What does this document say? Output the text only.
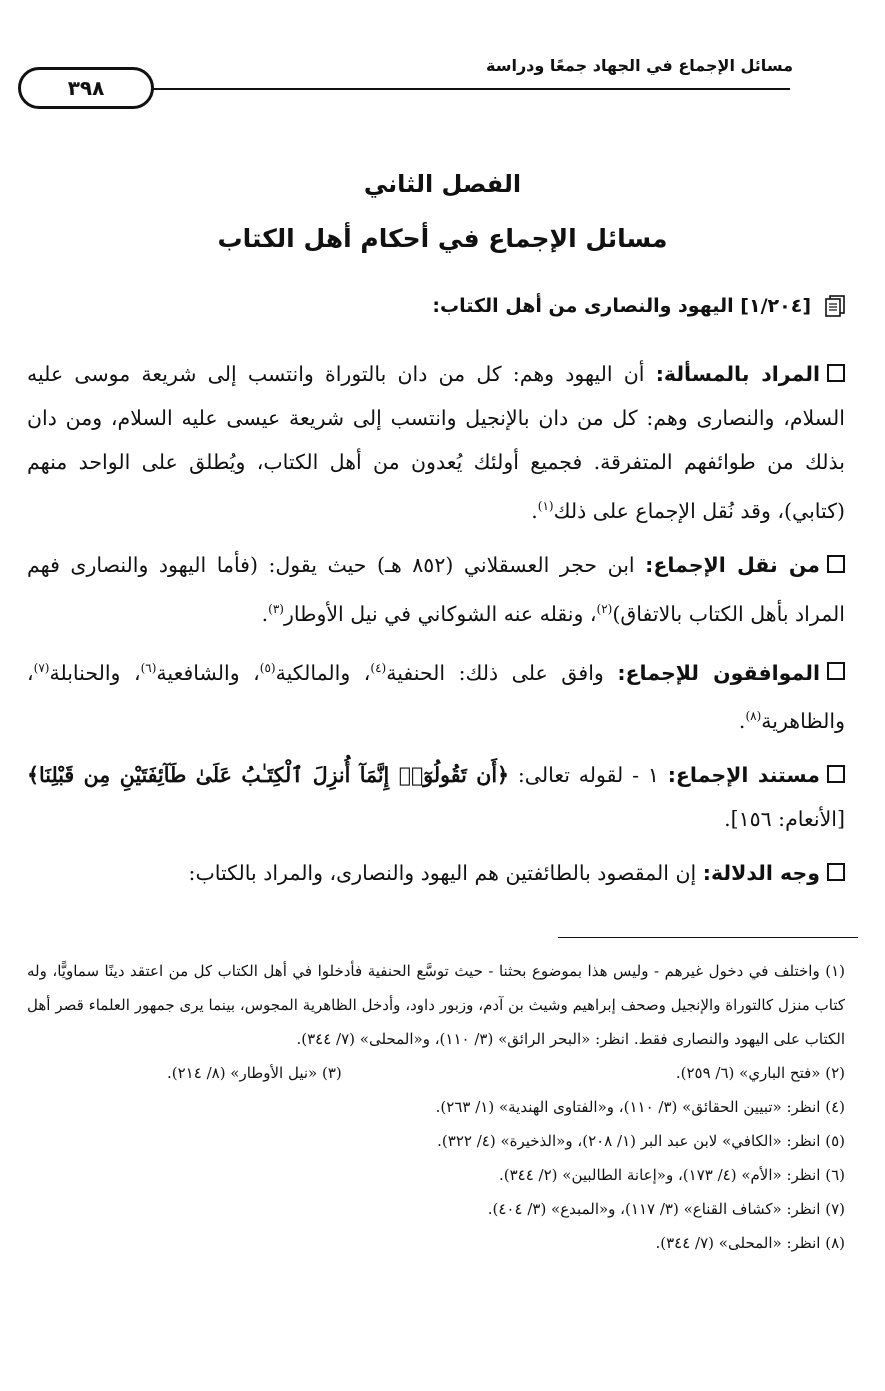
مسائل الإجماع في الجهاد جمعًا ودراسة
٣٩٨
الفصل الثاني
مسائل الإجماع في أحكام أهل الكتاب
[١/٢٠٤]

اليهود والنصارى من أهل الكتاب:

المراد بالمسألة: أن اليهود وهم: كل من دان بالتوراة وانتسب إلى شريعة موسى عليه السلام، والنصارى وهم: كل من دان بالإنجيل وانتسب إلى شريعة عيسى عليه السلام، ومن دان بذلك من طوائفهم المتفرقة. فجميع أولئك يُعدون من أهل الكتاب، ويُطلق على الواحد منهم (كتابي)، وقد نُقل الإجماع على ذلك$^{(١)}$.

من نقل الإجماع: ابن حجر العسقلاني (٨٥٢ هـ) حيث يقول: (فأما اليهود والنصارى فهم المراد بأهل الكتاب بالاتفاق)$^{(٢)}$، ونقله عنه الشوكاني في نيل الأوطار$^{(٣)}$.

الموافقون للإجماع: وافق على ذلك: الحنفية$^{(٤)}$، والمالكية$^{(٥)}$، والشافعية$^{(٦)}$، والحنابلة$^{(٧)}$، والظاهرية$^{(٨)}$.

مستند الإجماع: ١ - لقوله تعالى: ﴿أَن تَقُولُوٓا۟ إِنَّمَآ أُنزِلَ ٱلْكِتَـٰبُ عَلَىٰ طَآئِفَتَيْنِ مِن قَبْلِنَا﴾ [الأنعام: ١٥٦].

وجه الدلالة: إن المقصود بالطائفتين هم اليهود والنصارى، والمراد بالكتاب:

(١) واختلف في دخول غيرهم - وليس هذا بموضوع بحثنا - حيث توسَّع الحنفية فأدخلوا في أهل الكتاب كل من اعتقد دينًا سماويًّا، وله كتاب منزل كالتوراة والإنجيل وصحف إبراهيم وشيث بن آدم، وزبور داود، وأدخل الظاهرية المجوس، بينما يرى جمهور العلماء قصر أهل الكتاب على اليهود والنصارى فقط. انظر: «البحر الرائق» (٣/ ١١٠)، و«المحلى» (٧/ ٣٤٤).

(٢) «فتح الباري» (٦/ ٢٥٩).
(٣) «نيل الأوطار» (٨/ ٢١٤).

(٤) انظر: «تبيين الحقائق» (٣/ ١١٠)، و«الفتاوى الهندية» (١/ ٢٦٣).

(٥) انظر: «الكافي» لابن عبد البر (١/ ٢٠٨)، و«الذخيرة» (٤/ ٣٢٢).

(٦) انظر: «الأم» (٤/ ١٧٣)، و«إعانة الطالبين» (٢/ ٣٤٤).

(٧) انظر: «كشاف القناع» (٣/ ١١٧)، و«المبدع» (٣/ ٤٠٤).

(٨) انظر: «المحلى» (٧/ ٣٤٤).
